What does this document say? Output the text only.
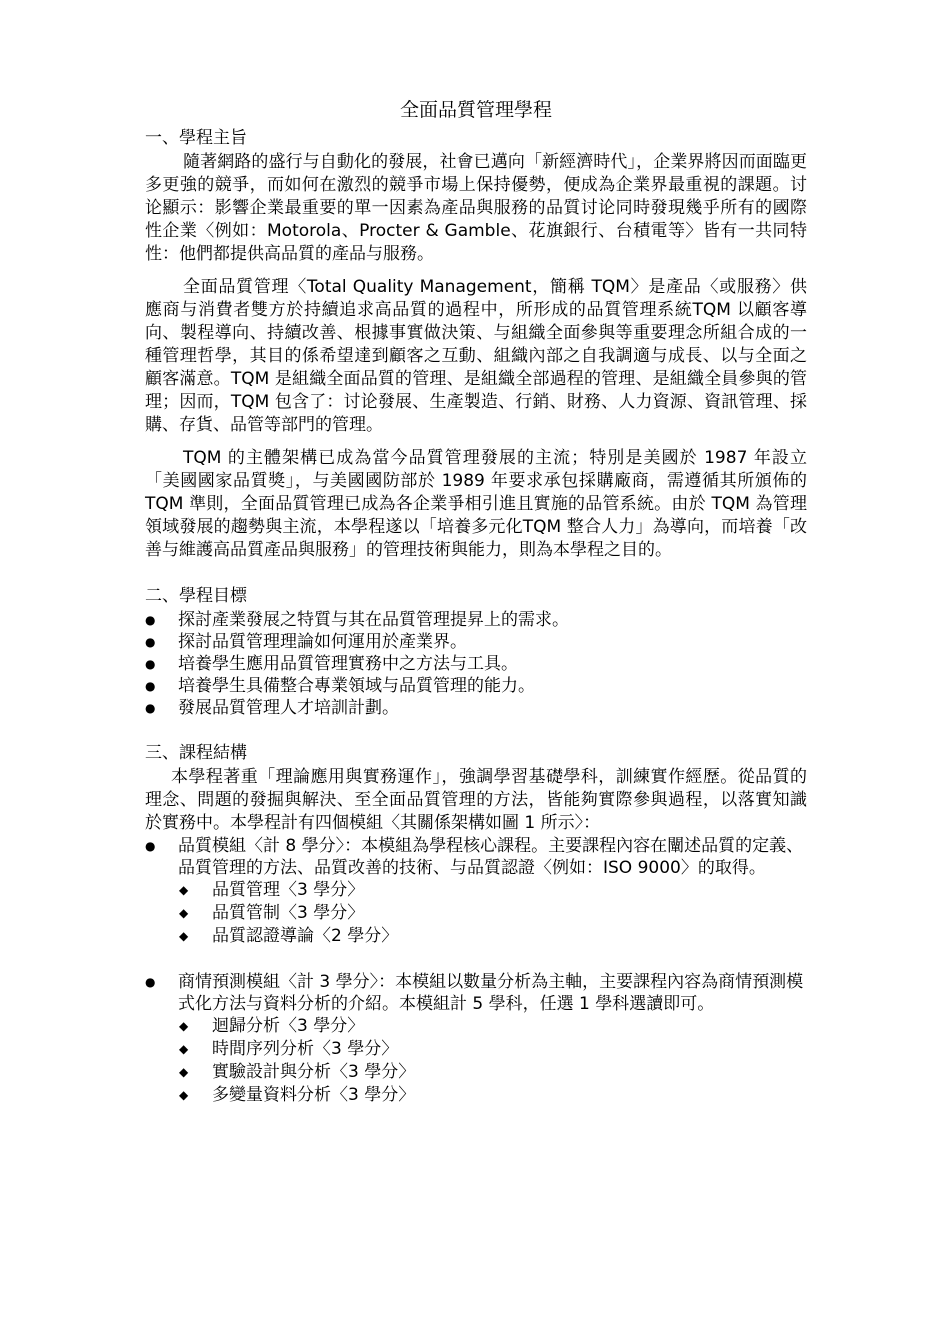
全面品質管理學程
一、學程主旨

隨著網路的盛行与自動化的發展，社會已邁向「新經濟時代」，企業界將因而面臨更多更強的競爭，而如何在激烈的競爭市場上保持優勢，便成為企業界最重視的課題。讨论顯示：影響企業最重要的單一因素為產品與服務的品質讨论同時發現幾乎所有的國際性企業〈例如：Motorola、Procter & Gamble、花旗銀行、台積電等〉皆有一共同特性：他們都提供高品質的產品与服務。

全面品質管理〈Total Quality Management，簡稱 TQM〉是產品〈或服務〉供應商与消費者雙方於持續追求高品質的過程中，所形成的品質管理系統TQM 以顧客導向、製程導向、持續改善、根據事實做決策、与組織全面參與等重要理念所組合成的一種管理哲學，其目的係希望達到顧客之互動、組織內部之自我調適与成長、以与全面之顧客滿意。TQM 是組織全面品質的管理、是組織全部過程的管理、是組織全員參與的管理；因而，TQM 包含了：讨论發展、生產製造、行銷、財務、人力資源、資訊管理、採購、存貨、品管等部門的管理。

TQM 的主體架構已成為當今品質管理發展的主流；特別是美國於 1987 年設立「美國國家品質獎」，与美國國防部於 1989 年要求承包採購廠商，需遵循其所頒佈的 TQM 準則，全面品質管理已成為各企業爭相引進且實施的品管系統。由於 TQM 為管理領域發展的趨勢與主流，本學程遂以「培養多元化TQM 整合人力」為導向，而培養「改善与維護高品質產品與服務」的管理技術與能力，則為本學程之目的。

二、學程目標
● 探討產業發展之特質与其在品質管理提昇上的需求。
● 探討品質管理理論如何運用於產業界。
● 培養學生應用品質管理實務中之方法与工具。
● 培養學生具備整合專業領域与品質管理的能力。
● 發展品質管理人才培訓計劃。
三、課程結構

本學程著重「理論應用與實務運作」，強調學習基礎學科，訓練實作經歷。從品質的理念、問題的發掘與解決、至全面品質管理的方法，皆能夠實際參與過程，以落實知識於實務中。本學程計有四個模組〈其關係架構如圖 1 所示〉：

● 品質模組〈計 8 學分〉：本模組為學程核心課程。主要課程內容在闡述品質的定義、品質管理的方法、品質改善的技術、与品質認證〈例如：ISO 9000〉的取得。
◆ 品質管理〈3 學分〉
◆ 品質管制〈3 學分〉
◆ 品質認證導論〈2 學分〉
● 商情預測模組〈計 3 學分〉：本模組以數量分析為主軸，主要課程內容為商情預測模式化方法与資料分析的介紹。本模組計 5 學科，任選 1 學科選讀即可。
◆ 迴歸分析〈3 學分〉
◆ 時間序列分析〈3 學分〉
◆ 實驗設計與分析〈3 學分〉
◆ 多變量資料分析〈3 學分〉
